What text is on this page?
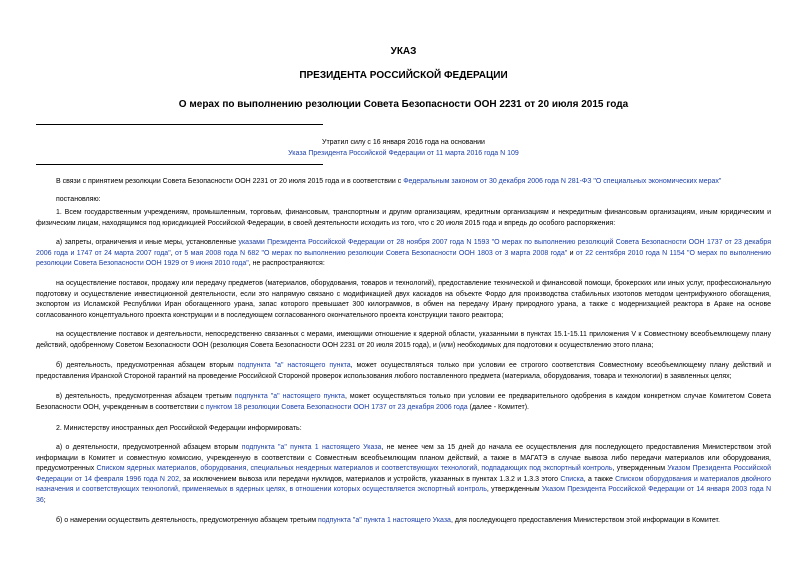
УКАЗ
ПРЕЗИДЕНТА РОССИЙСКОЙ ФЕДЕРАЦИИ
О мерах по выполнению резолюции Совета Безопасности ООН 2231 от 20 июля 2015 года
Утратил силу с 16 января 2016 года на основании
Указа Президента Российской Федерации от 11 марта 2016 года N 109
В связи с принятием резолюции Совета Безопасности ООН 2231 от 20 июля 2015 года и в соответствии с Федеральным законом от 30 декабря 2006 года N 281-ФЗ "О специальных экономических мерах"
постановляю:
1. Всем государственным учреждениям, промышленным, торговым, финансовым, транспортным и другим организациям, кредитным организациям и некредитным финансовым организациям, иным юридическим и физическим лицам, находящимся под юрисдикцией Российской Федерации, в своей деятельности исходить из того, что с 20 июля 2015 года и впредь до особого распоряжения:
а) запреты, ограничения и иные меры, установленные указами Президента Российской Федерации от 28 ноября 2007 года N 1593 "О мерах по выполнению резолюций Совета Безопасности ООН 1737 от 23 декабря 2006 года и 1747 от 24 марта 2007 года", от 5 мая 2008 года N 682 "О мерах по выполнению резолюции Совета Безопасности ООН 1803 от 3 марта 2008 года" и от 22 сентября 2010 года N 1154 "О мерах по выполнению резолюции Совета Безопасности ООН 1929 от 9 июня 2010 года", не распространяются:
на осуществление поставок, продажу или передачу предметов (материалов, оборудования, товаров и технологий), предоставление технической и финансовой помощи, брокерских или иных услуг, профессиональную подготовку и осуществление инвестиционной деятельности, если это напрямую связано с модификацией двух каскадов на объекте Фордо для производства стабильных изотопов методом центрифужного обогащения, экспортом из Исламской Республики Иран обогащенного урана, запас которого превышает 300 килограммов, в обмен на передачу Ирану природного урана, а также с модернизацией реактора в Араке на основе согласованного концептуального проекта конструкции и в последующем согласованного окончательного проекта конструкции такого реактора;
на осуществление поставок и деятельности, непосредственно связанных с мерами, имеющими отношение к ядерной области, указанными в пунктах 15.1-15.11 приложения V к Совместному всеобъемлющему плану действий, одобренному Советом Безопасности ООН (резолюция Совета Безопасности ООН 2231 от 20 июля 2015 года), и (или) необходимых для подготовки к осуществлению этого плана;
б) деятельность, предусмотренная абзацем вторым подпункта "а" настоящего пункта, может осуществляться только при условии ее строгого соответствия Совместному всеобъемлющему плану действий и предоставления Иранской Стороной гарантий на проведение Российской Стороной проверок использования любого поставленного предмета (материала, оборудования, товара и технологии) в заявленных целях;
в) деятельность, предусмотренная абзацем третьим подпункта "а" настоящего пункта, может осуществляться только при условии ее предварительного одобрения в каждом конкретном случае Комитетом Совета Безопасности ООН, учрежденным в соответствии с пунктом 18 резолюции Совета Безопасности ООН 1737 от 23 декабря 2006 года (далее - Комитет).
2. Министерству иностранных дел Российской Федерации информировать:
а) о деятельности, предусмотренной абзацем вторым подпункта "а" пункта 1 настоящего Указа, не менее чем за 15 дней до начала ее осуществления для последующего предоставления Министерством этой информации в Комитет и совместную комиссию, учрежденную в соответствии с Совместным всеобъемлющим планом действий, а также в МАГАТЭ в случае вывоза либо передачи материалов или оборудования, предусмотренных Списком ядерных материалов, оборудования, специальных неядерных материалов и соответствующих технологий, подпадающих под экспортный контроль, утвержденным Указом Президента Российской Федерации от 14 февраля 1996 года N 202, за исключением вывоза или передачи нуклидов, материалов и устройств, указанных в пунктах 1.3.2 и 1.3.3 этого Списка, а также Списком оборудования и материалов двойного назначения и соответствующих технологий, применяемых в ядерных целях, в отношении которых осуществляется экспортный контроль, утвержденным Указом Президента Российской Федерации от 14 января 2003 года N 36;
б) о намерении осуществить деятельность, предусмотренную абзацем третьим подпункта "а" пункта 1 настоящего Указа, для последующего предоставления Министерством этой информации в Комитет.
